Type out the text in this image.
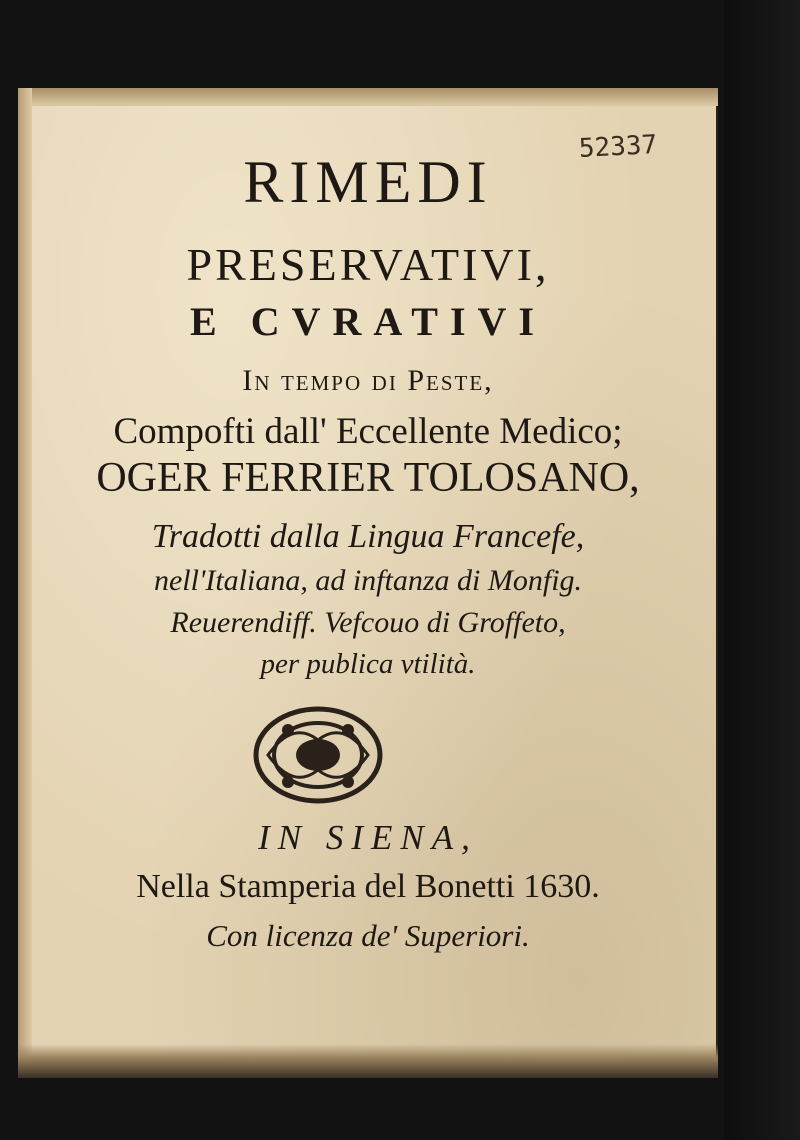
52337
RIMEDI
PRESERVATIVI,
E CVRATIVI
In tempo di Peste,
Compofti dall' Eccellente Medico;
OGER FERRIER TOLOSANO,
Tradotti dalla Lingua Francefe,
nell'Italiana, ad inftanza di Monfig.
Reuerendiff. Vefcouo di Groffeto,
per publica vtilità.
IN SIENA,
Nella Stamperia del Bonetti 1630.
Con licenza de' Superiori.
